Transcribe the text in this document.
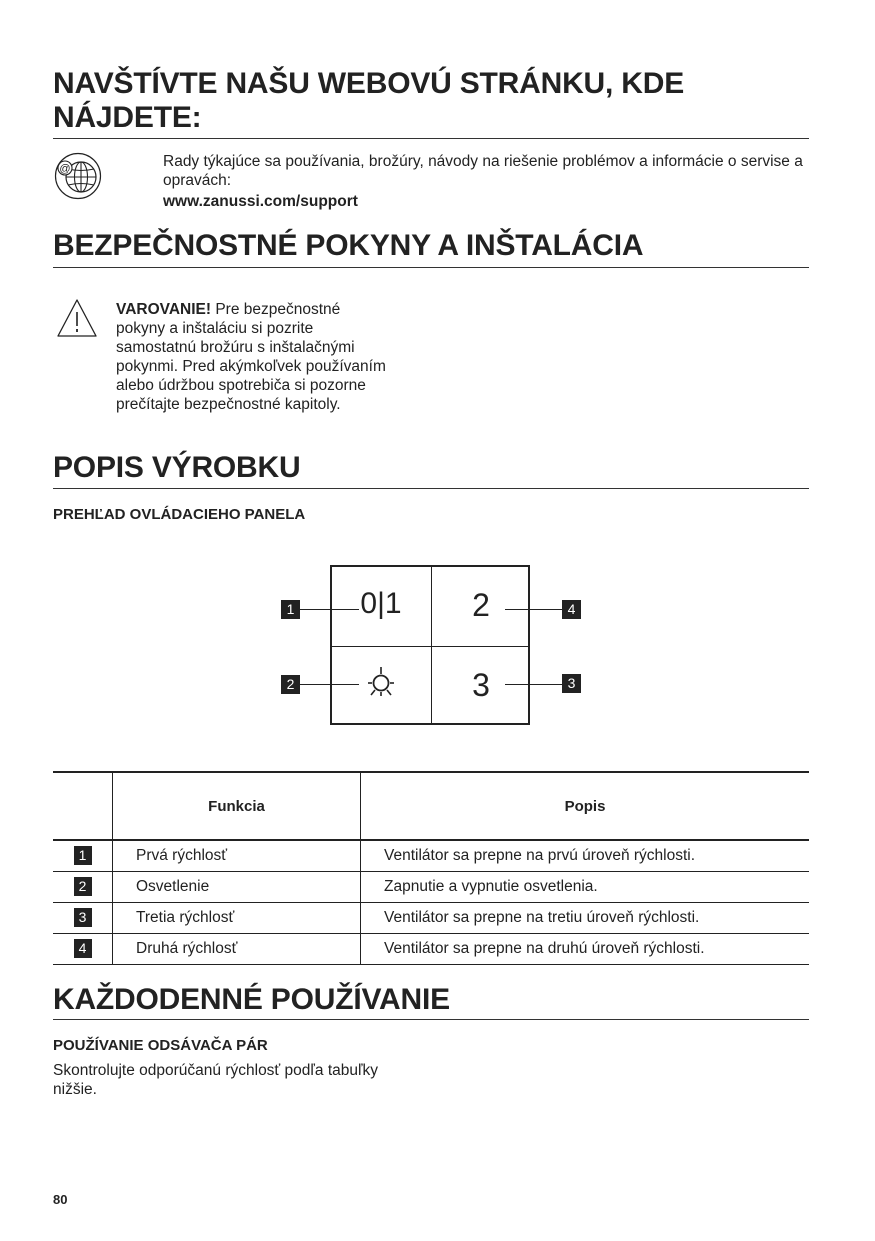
NAVŠTÍVTE NAŠU WEBOVÚ STRÁNKU, KDE
NÁJDETE:
@	Rady týkajúce sa používania, brožúry, návody na riešenie problémov a informácie o servise a opravách:
www.zanussi.com/support
BEZPEČNOSTNÉ POKYNY A INŠTALÁCIA
VAROVANIE! Pre bezpečnostné pokyny a inštaláciu si pozrite samostatnú brožúru s inštalačnými pokynmi. Pred akýmkoľvek používaním alebo údržbou spotrebiča si pozorne prečítajte bezpečnostné kapitoly.
POPIS VÝROBKU
PREHĽAD OVLÁDACIEHO PANELA
0|1	2
3
1
2
4
3
	Funkcia	Popis
1	Prvá rýchlosť	Ventilátor sa prepne na prvú úroveň rýchlosti.
2	Osvetlenie	Zapnutie a vypnutie osvetlenia.
3	Tretia rýchlosť	Ventilátor sa prepne na tretiu úroveň rýchlosti.
4	Druhá rýchlosť	Ventilátor sa prepne na druhú úroveň rýchlosti.
KAŽDODENNÉ POUŽÍVANIE
POUŽÍVANIE ODSÁVAČA PÁR
Skontrolujte odporúčanú rýchlosť podľa tabuľky nižšie.
80
